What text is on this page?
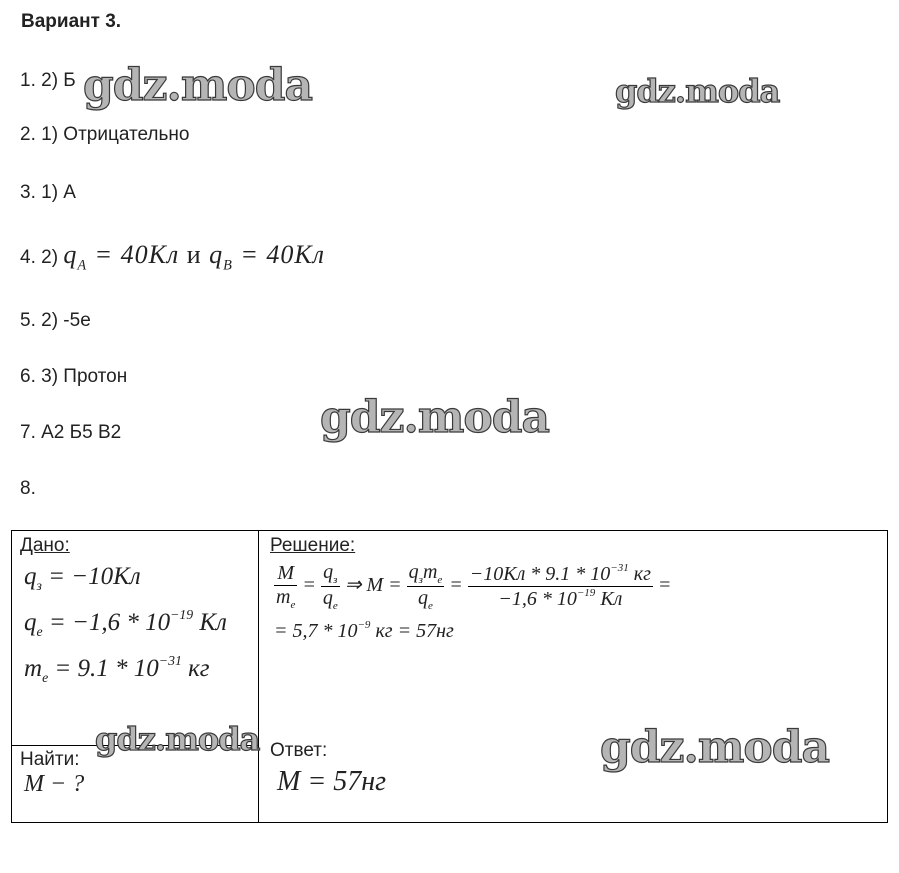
Вариант 3.
1. 2) Б
2. 1) Отрицательно
3. 1) А
4. 2) $q_A = 40Кл$ и $q_B = 40Кл$
5. 2) -5е
6. 3) Протон
7. А2 Б5 В2
8.
Дано:
$q_з = -10Кл$
$q_е = -1,6 * 10^{-19}$ Кл
$m_е = 9.1 * 10^{-31}$ кг
Найти:
M − ?
Решение:
$\frac{M}{m_е} = \frac{q_з}{q_е}$ ⇒ $M = \frac{q_зm_е}{q_е} = \frac{-10Кл * 9.1 * 10^{-31} кг}{-1,6 * 10^{-19} Кл}$ =
= $5,7 * 10^{-9}$ кг = 57нг
Ответ:
M = 57нг
gdz.moda	gdz.moda
gdz.moda
gdz.moda	gdz.moda
